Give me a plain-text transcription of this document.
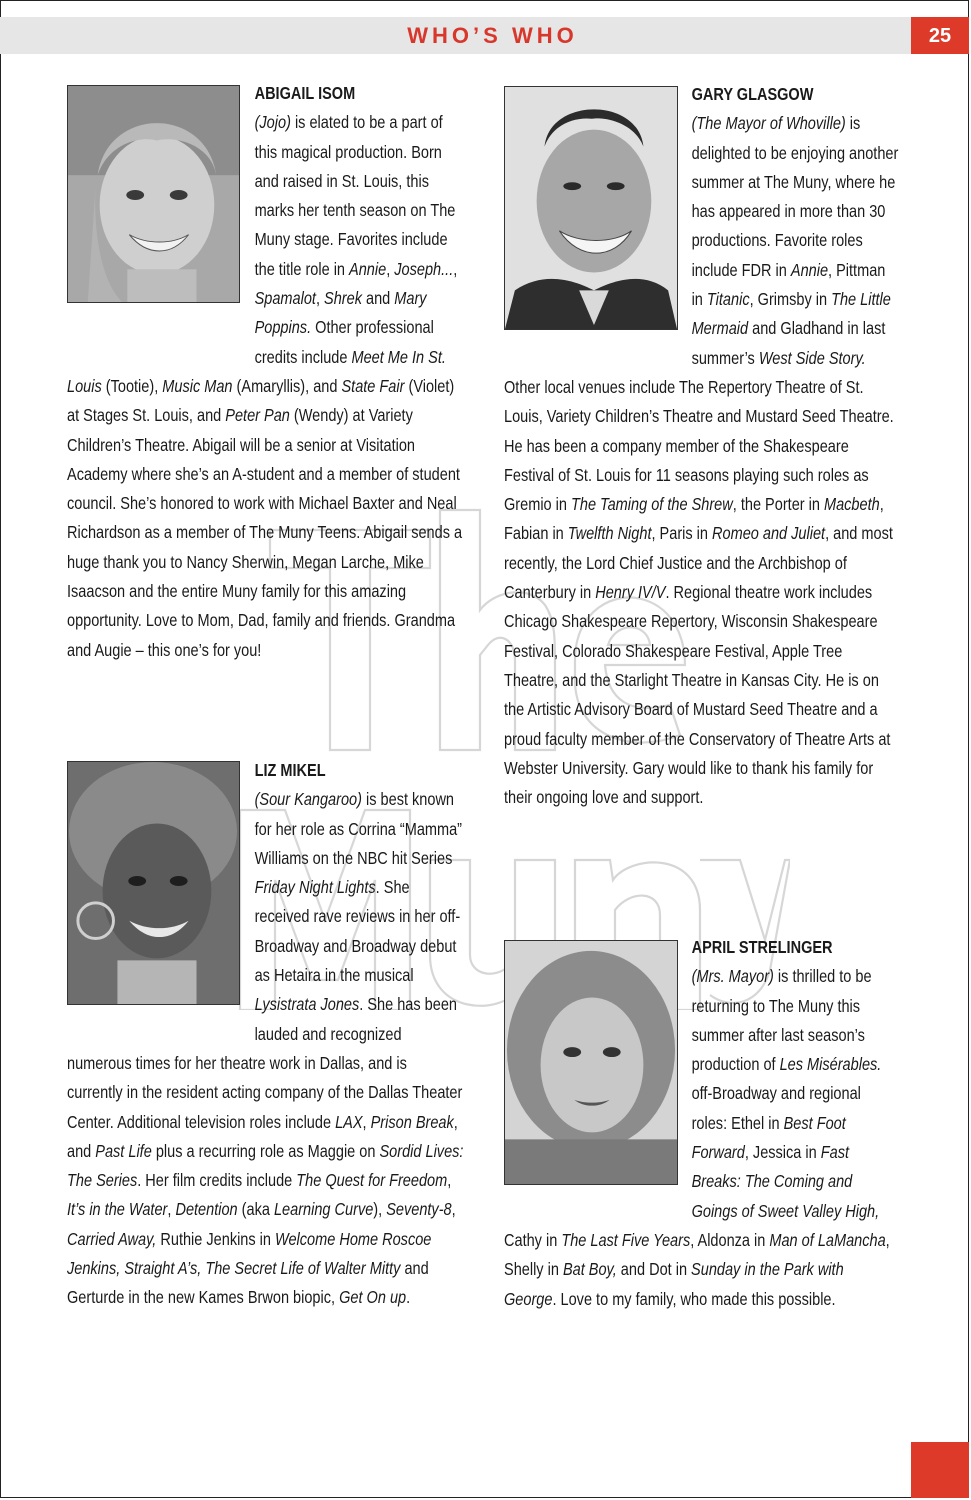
WHO’S WHO	25
ABIGAIL ISOM

(Jojo) is elated to be a part of this magical production. Born and raised in St. Louis, this marks her tenth season on The Muny stage. Favorites include the title role in Annie, Joseph..., Spamalot, Shrek and Mary Poppins. Other professional credits include Meet Me In St. Louis (Tootie), Music Man (Amaryllis), and State Fair (Violet) at Stages St. Louis, and Peter Pan (Wendy) at Variety Children’s Theatre. Abigail will be a senior at Visitation Academy where she’s an A-student and a member of student council. She’s honored to work with Michael Baxter and Neal Richardson as a member of The Muny Teens. Abigail sends a huge thank you to Nancy Sherwin, Megan Larche, Mike Isaacson and the entire Muny family for this amazing opportunity. Love to Mom, Dad, family and friends. Grandma and Augie – this one’s for you!

LIZ MIKEL

(Sour Kangaroo) is best known for her role as Corrina “Mamma” Williams on the NBC hit Series Friday Night Lights. She received rave reviews in her off-Broadway and Broadway debut as Hetaira in the musical Lysistrata Jones. She has been lauded and recognized numerous times for her theatre work in Dallas, and is currently in the resident acting company of the Dallas Theater Center. Additional television roles include LAX, Prison Break, and Past Life plus a recurring role as Maggie on Sordid Lives: The Series. Her film credits include The Quest for Freedom, It’s in the Water, Detention (aka Learning Curve), Seventy-8, Carried Away, Ruthie Jenkins in Welcome Home Roscoe Jenkins, Straight A’s, The Secret Life of Walter Mitty and Gerturde in the new Kames Brwon biopic, Get On up.

GARY GLASGOW

(The Mayor of Whoville) is delighted to be enjoying another summer at The Muny, where he has appeared in more than 30 productions. Favorite roles include FDR in Annie, Pittman in Titanic, Grimsby in The Little Mermaid and Gladhand in last summer’s West Side Story. Other local venues include The Repertory Theatre of St. Louis, Variety Children’s Theatre and Mustard Seed Theatre. He has been a company member of the Shakespeare Festival of St. Louis for 11 seasons playing such roles as Gremio in The Taming of the Shrew, the Porter in Macbeth, Fabian in Twelfth Night, Paris in Romeo and Juliet, and most recently, the Lord Chief Justice and the Archbishop of Canterbury in Henry IV/V. Regional theatre work includes Chicago Shakespeare Repertory, Wisconsin Shakespeare Festival, Colorado Shakespeare Festival, Apple Tree Theatre, and the Starlight Theatre in Kansas City. He is on the Artistic Advisory Board of Mustard Seed Theatre and a proud faculty member of the Conservatory of Theatre Arts at Webster University. Gary would like to thank his family for their ongoing love and support.

APRIL STRELINGER

(Mrs. Mayor) is thrilled to be returning to The Muny this summer after last season’s production of Les Misérables. off-Broadway and regional roles: Ethel in Best Foot Forward, Jessica in Fast Breaks: The Coming and Goings of Sweet Valley High, Cathy in The Last Five Years, Aldonza in Man of LaMancha, Shelly in Bat Boy, and Dot in Sunday in the Park with George. Love to my family, who made this possible.
